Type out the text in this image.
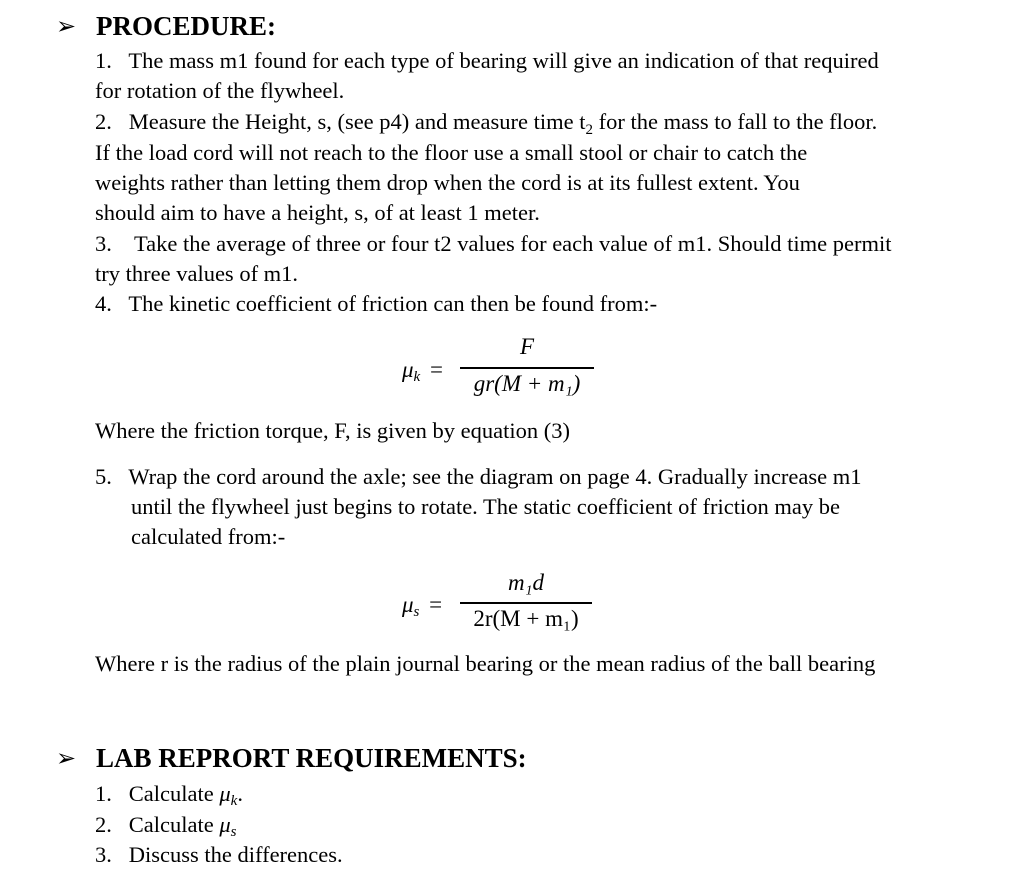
➢ PROCEDURE:
1. The mass m1 found for each type of bearing will give an indication of that required
for rotation of the flywheel.
2. Measure the Height, s, (see p4) and measure time $t_2$ for the mass to fall to the floor.
If the load cord will not reach to the floor use a small stool or chair to catch the
weights rather than letting them drop when the cord is at its fullest extent. You
should aim to have a height, s, of at least 1 meter.
3. Take the average of three or four t2 values for each value of m1. Should time permit
try three values of m1.
4. The kinetic coefficient of friction can then be found from:-
$\mu_k$ =
F
gr(M + m₁)
Where the friction torque, F, is given by equation (3)
5. Wrap the cord around the axle; see the diagram on page 4. Gradually increase m1
until the flywheel just begins to rotate. The static coefficient of friction may be
calculated from:-
$\mu_s$ =
m₁d
2r(M + m₁)
Where r is the radius of the plain journal bearing or the mean radius of the ball bearing
➢ LAB REPRORT REQUIREMENTS:
1. Calculate $\mu_k$.
2. Calculate $\mu_s$
3. Discuss the differences.
